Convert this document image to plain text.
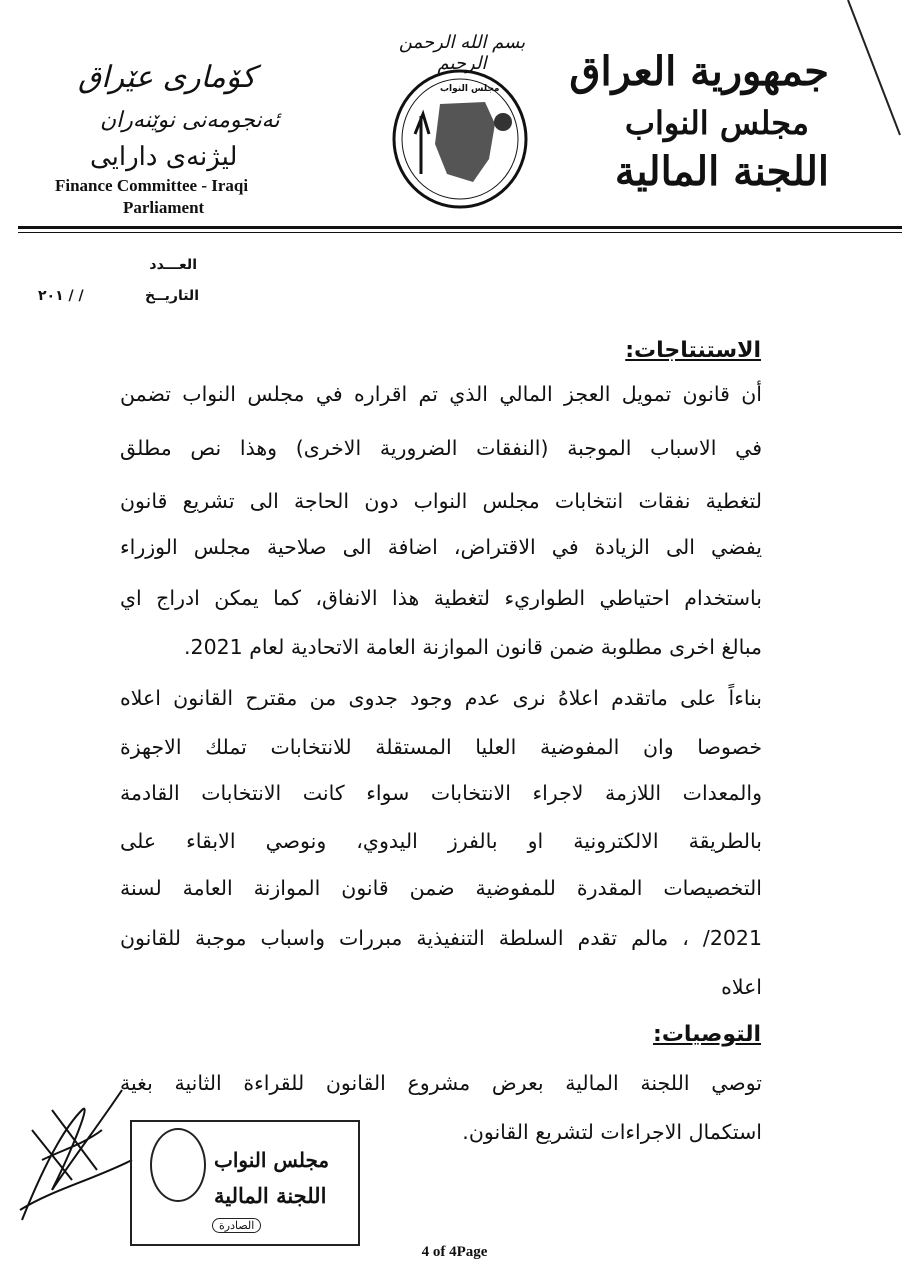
جمهورية العراق
مجلس النواب
اللجنة المالية
بسم الله الرحمن الرحيم
مجلس النواب
كۆماری عێراق
ئەنجومەنی نوێنەران
لیژنەی دارایی
Finance Committee - Iraqi
Parliament
العـــدد
التاريــخ
/ / ٢٠١
الاستنتاجات:
أن قانون تمويل العجز المالي الذي تم اقراره في مجلس النواب تضمن
في الاسباب الموجبة (النفقات الضرورية الاخرى) وهذا نص مطلق
لتغطية نفقات انتخابات مجلس النواب دون الحاجة الى تشريع قانون
يفضي الى الزيادة في الاقتراض، اضافة الى صلاحية مجلس الوزراء
باستخدام احتياطي الطواريء لتغطية هذا الانفاق، كما يمكن ادراج اي
مبالغ اخرى مطلوبة ضمن قانون الموازنة العامة الاتحادية لعام 2021.
بناءاً على ماتقدم اعلاهُ نرى عدم وجود جدوى من مقترح القانون اعلاه
خصوصا وان المفوضية العليا المستقلة للانتخابات تملك الاجهزة
والمعدات اللازمة لاجراء الانتخابات سواء كانت الانتخابات القادمة
بالطريقة الالكترونية او بالفرز اليدوي، ونوصي الابقاء على
التخصيصات المقدرة للمفوضية ضمن قانون الموازنة العامة لسنة
2021/ ، مالم تقدم السلطة التنفيذية مبررات واسباب موجبة للقانون
اعلاه
التوصيات:
توصي اللجنة المالية بعرض مشروع القانون للقراءة الثانية بغية
استكمال الاجراءات لتشريع القانون.
مجلس النواب
اللجنة المالية
الصادرة
4 of 4Page
